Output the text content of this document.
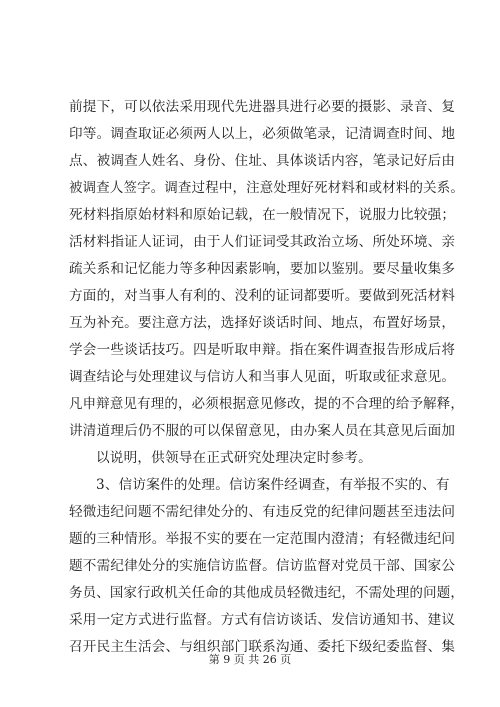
前提下，可以依法采用现代先进器具进行必要的摄影、录音、复
印等。调查取证必须两人以上，必须做笔录，记清调查时间、地
点、被调查人姓名、身份、住址、具体谈话内容，笔录记好后由
被调查人签字。调查过程中，注意处理好死材料和或材料的关系。
死材料指原始材料和原始记载，在一般情况下，说服力比较强；
活材料指证人证词，由于人们证词受其政治立场、所处环境、亲
疏关系和记忆能力等多种因素影响，要加以鉴别。要尽量收集多
方面的，对当事人有利的、没利的证词都要听。要做到死活材料
互为补充。要注意方法，选择好谈话时间、地点，布置好场景，
学会一些谈话技巧。四是听取申辩。指在案件调查报告形成后将
调查结论与处理建议与信访人和当事人见面，听取或征求意见。
凡申辩意见有理的，必须根据意见修改，提的不合理的给予解释，
讲清道理后仍不服的可以保留意见，由办案人员在其意见后面加
以说明，供领导在正式研究处理决定时参考。
3、信访案件的处理。信访案件经调查，有举报不实的、有
轻微违纪问题不需纪律处分的、有违反党的纪律问题甚至违法问
题的三种情形。举报不实的要在一定范围内澄清；有轻微违纪问
题不需纪律处分的实施信访监督。信访监督对党员干部、国家公
务员、国家行政机关任命的其他成员轻微违纪，不需处理的问题，
采用一定方式进行监督。方式有信访谈话、发信访通知书、建议
召开民主生活会、与组织部门联系沟通、委托下级纪委监督、集
第 9 页 共 26 页
